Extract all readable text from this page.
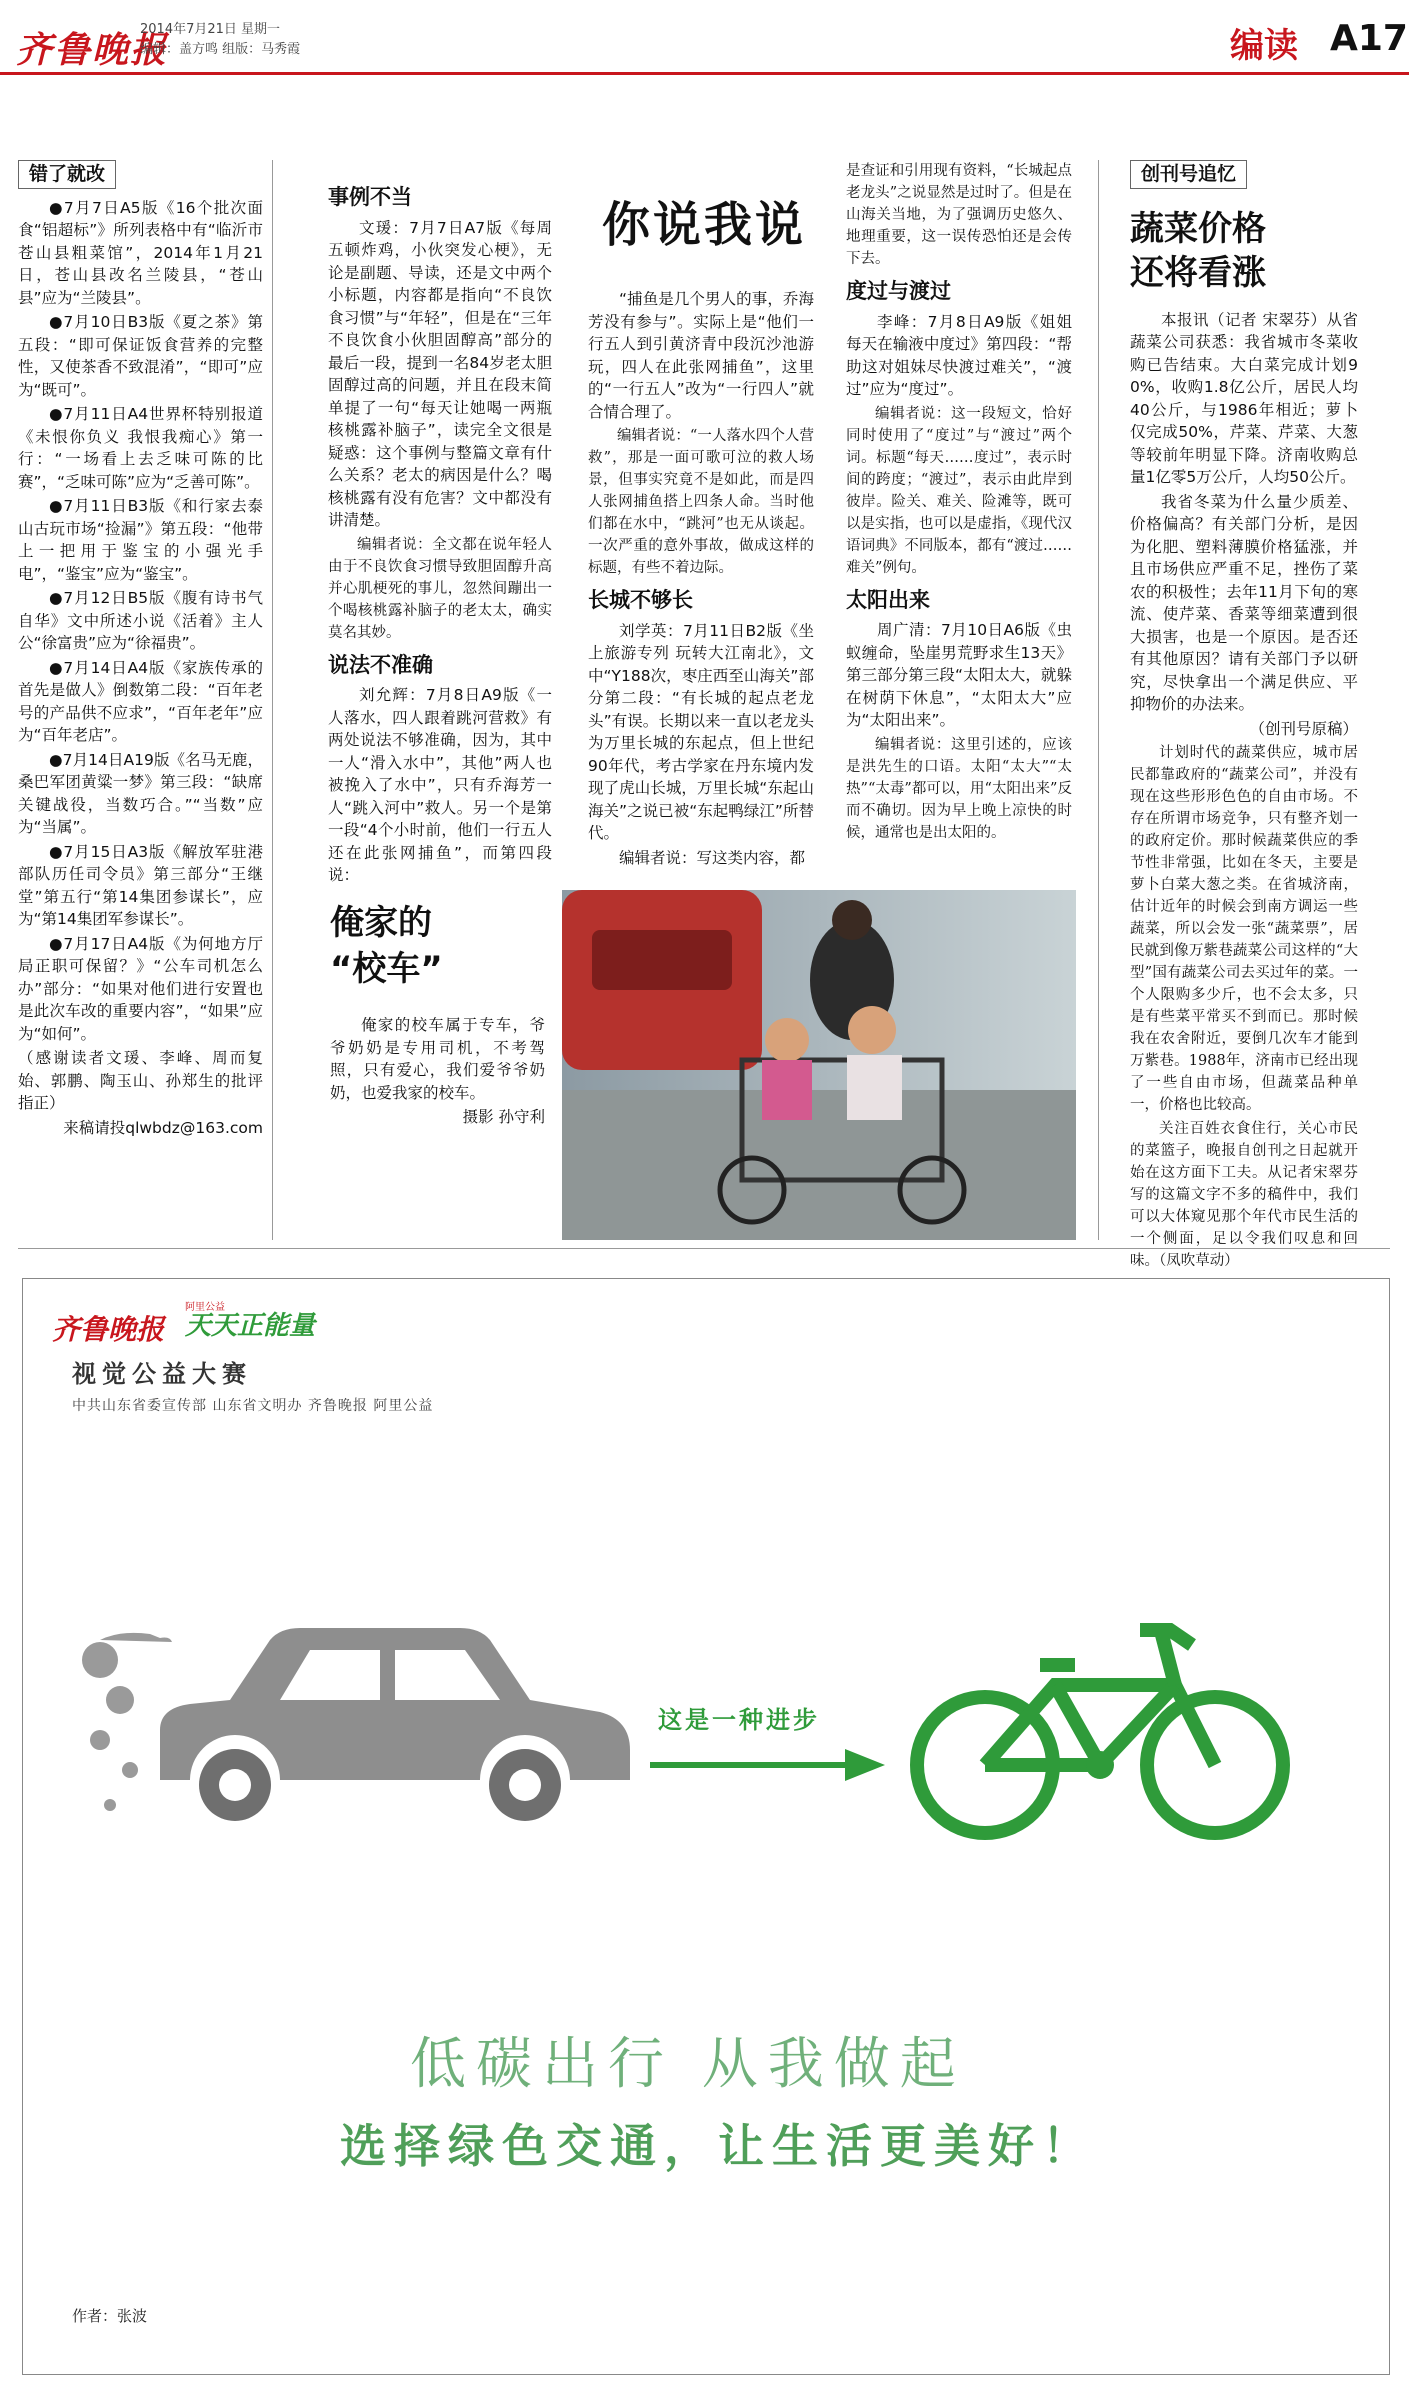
齐鲁晚报
2014年7月21日 星期一
编辑：盖方鸣 组版：马秀霞	编读 A17
错了就改

●7月7日A5版《16个批次面食“铝超标”》所列表格中有“临沂市苍山县粗菜馆”，2014年1月21日，苍山县改名兰陵县，“苍山县”应为“兰陵县”。

●7月10日B3版《夏之茶》第五段：“即可保证饭食营养的完整性，又使茶香不致混淆”，“即可”应为“既可”。

●7月11日A4世界杯特别报道《未恨你负义 我恨我痴心》第一行：“一场看上去乏味可陈的比赛”，“乏味可陈”应为“乏善可陈”。

●7月11日B3版《和行家去泰山古玩市场“捡漏”》第五段：“他带上一把用于鉴宝的小强光手电”，“鉴宝”应为“鉴宝”。

●7月12日B5版《腹有诗书气自华》文中所述小说《活着》主人公“徐富贵”应为“徐福贵”。

●7月14日A4版《家族传承的首先是做人》倒数第二段：“百年老号的产品供不应求”，“百年老年”应为“百年老店”。

●7月14日A19版《名马无鹿，桑巴军团黄粱一梦》第三段：“缺席关键战役，当数巧合。”“当数”应为“当属”。

●7月15日A3版《解放军驻港部队历任司令员》第三部分“王继堂”第五行“第14集团参谋长”，应为“第14集团军参谋长”。

●7月17日A4版《为何地方厅局正职可保留？》“公车司机怎么办”部分：“如果对他们进行安置也是此次车改的重要内容”，“如果”应为“如何”。

（感谢读者文瑗、李峰、周而复始、郭鹏、陶玉山、孙郑生的批评指正）

来稿请投qlwbdz@163.com

事例不当

文瑗：7月7日A7版《每周五顿炸鸡，小伙突发心梗》，无论是副题、导读，还是文中两个小标题，内容都是指向“不良饮食习惯”与“年轻”，但是在“三年不良饮食小伙胆固醇高”部分的最后一段，提到一名84岁老太胆固醇过高的问题，并且在段末简单提了一句“每天让她喝一两瓶核桃露补脑子”，读完全文很是疑惑：这个事例与整篇文章有什么关系？老太的病因是什么？喝核桃露有没有危害？文中都没有讲清楚。

编辑者说：全文都在说年轻人由于不良饮食习惯导致胆固醇升高并心肌梗死的事儿，忽然间蹦出一个喝核桃露补脑子的老太太，确实莫名其妙。

说法不准确

刘允辉：7月8日A9版《一人落水，四人跟着跳河营救》有两处说法不够准确，因为，其中一人“滑入水中”，其他”两人也被挽入了水中”，只有乔海芳一人“跳入河中”救人。另一个是第一段“4个小时前，他们一行五人还在此张网捕鱼”，而第四段说：

你说我说

“捕鱼是几个男人的事，乔海芳没有参与”。实际上是“他们一行五人到引黄济青中段沉沙池游玩，四人在此张网捕鱼”，这里的“一行五人”改为“一行四人”就合情合理了。

编辑者说：“一人落水四个人营救”，那是一面可歌可泣的救人场景，但事实究竟不是如此，而是四人张网捕鱼搭上四条人命。当时他们都在水中，“跳河”也无从谈起。一次严重的意外事故，做成这样的标题，有些不着边际。

长城不够长

刘学英：7月11日B2版《坐上旅游专列 玩转大江南北》，文中“Y188次，枣庄西至山海关”部分第二段：“有长城的起点老龙头”有误。长期以来一直以老龙头为万里长城的东起点，但上世纪90年代，考古学家在丹东境内发现了虎山长城，万里长城“东起山海关”之说已被“东起鸭绿江”所替代。

编辑者说：写这类内容，都

是查证和引用现有资料，“长城起点老龙头”之说显然是过时了。但是在山海关当地，为了强调历史悠久、地理重要，这一误传恐怕还是会传下去。

度过与渡过

李峰：7月8日A9版《姐姐每天在输液中度过》第四段：“帮助这对姐妹尽快渡过难关”，“渡过”应为“度过”。

编辑者说：这一段短文，恰好同时使用了“度过”与“渡过”两个词。标题“每天……度过”，表示时间的跨度；“渡过”，表示由此岸到彼岸。险关、难关、险滩等，既可以是实指，也可以是虚指，《现代汉语词典》不同版本，都有“渡过……难关”例句。

太阳出来

周广清：7月10日A6版《虫蚁缠命，坠崖男荒野求生13天》第三部分第三段“太阳太大，就躲在树荫下休息”，“太阳太大”应为“太阳出来”。

编辑者说：这里引述的，应该是洪先生的口语。太阳“太大”“太热”“太毒”都可以，用“太阳出来”反而不确切。因为早上晚上凉快的时候，通常也是出太阳的。

俺家的
“校车”

俺家的校车属于专车，爷爷奶奶是专用司机，不考驾照，只有爱心，我们爱爷爷奶奶，也爱我家的校车。

摄影 孙守利

创刊号追忆
蔬菜价格
还将看涨

本报讯（记者 宋翠芬）从省蔬菜公司获悉：我省城市冬菜收购已告结束。大白菜完成计划90%，收购1.8亿公斤，居民人均40公斤，与1986年相近；萝卜仅完成50%，芹菜、芹菜、大葱等较前年明显下降。济南收购总量1亿零5万公斤，人均50公斤。

我省冬菜为什么量少质差、价格偏高？有关部门分析，是因为化肥、塑料薄膜价格猛涨，并且市场供应严重不足，挫伤了菜农的积极性；去年11月下旬的寒流、使芹菜、香菜等细菜遭到很大损害，也是一个原因。是否还有其他原因？请有关部门予以研究，尽快拿出一个满足供应、平抑物价的办法来。

（创刊号原稿）

计划时代的蔬菜供应，城市居民都靠政府的“蔬菜公司”，并没有现在这些形形色色的自由市场。不存在所谓市场竞争，只有整齐划一的政府定价。那时候蔬菜供应的季节性非常强，比如在冬天，主要是萝卜白菜大葱之类。在省城济南，估计近年的时候会到南方调运一些蔬菜，所以会发一张“蔬菜票”，居民就到像万紫巷蔬菜公司这样的“大型”国有蔬菜公司去买过年的菜。一个人限购多少斤，也不会太多，只是有些菜平常买不到而已。那时候我在农舍附近，要倒几次车才能到万紫巷。1988年，济南市已经出现了一些自由市场，但蔬菜品种单一，价格也比较高。

关注百姓衣食住行，关心市民的菜篮子，晚报自创刊之日起就开始在这方面下工夫。从记者宋翠芬写的这篇文字不多的稿件中，我们可以大体窥见那个年代市民生活的一个侧面，足以令我们叹息和回味。（凤吹草动）

齐鲁晚报
阿里公益
天天正能量
视觉公益大赛
中共山东省委宣传部 山东省文明办 齐鲁晚报 阿里公益
这是一种进步
低碳出行 从我做起
选择绿色交通，让生活更美好！
作者：张波
